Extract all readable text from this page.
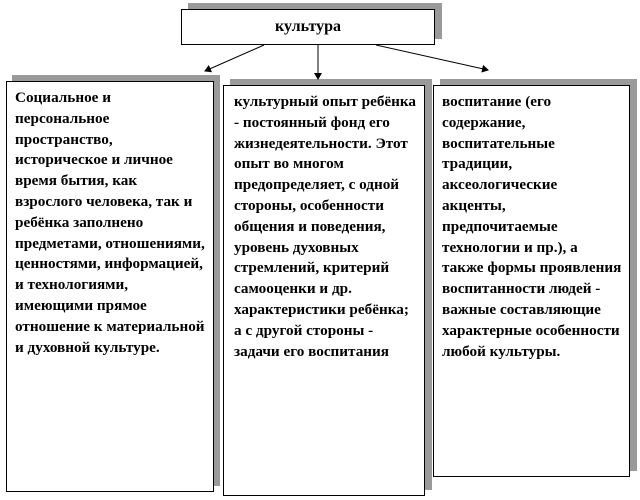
культура
Социальное и персональное пространство, историческое и личное время бытия, как взрослого человека, так и ребёнка заполнено предметами, отношениями, ценностями, информацией, и технологиями, имеющими прямое отношение к материальной и духовной культуре.
культурный опыт ребёнка - постоянный фонд его жизнедеятельности. Этот опыт во многом предопределяет, с одной стороны, особенности общения и поведения, уровень духовных стремлений, критерий самооценки и др. характеристики ребёнка; а с другой стороны - задачи его воспитания
воспитание (его содержание, воспитательные традиции, аксеологические акценты, предпочитаемые технологии и пр.), а также формы проявления воспитанности людей - важные составляющие характерные особенности любой культуры.
